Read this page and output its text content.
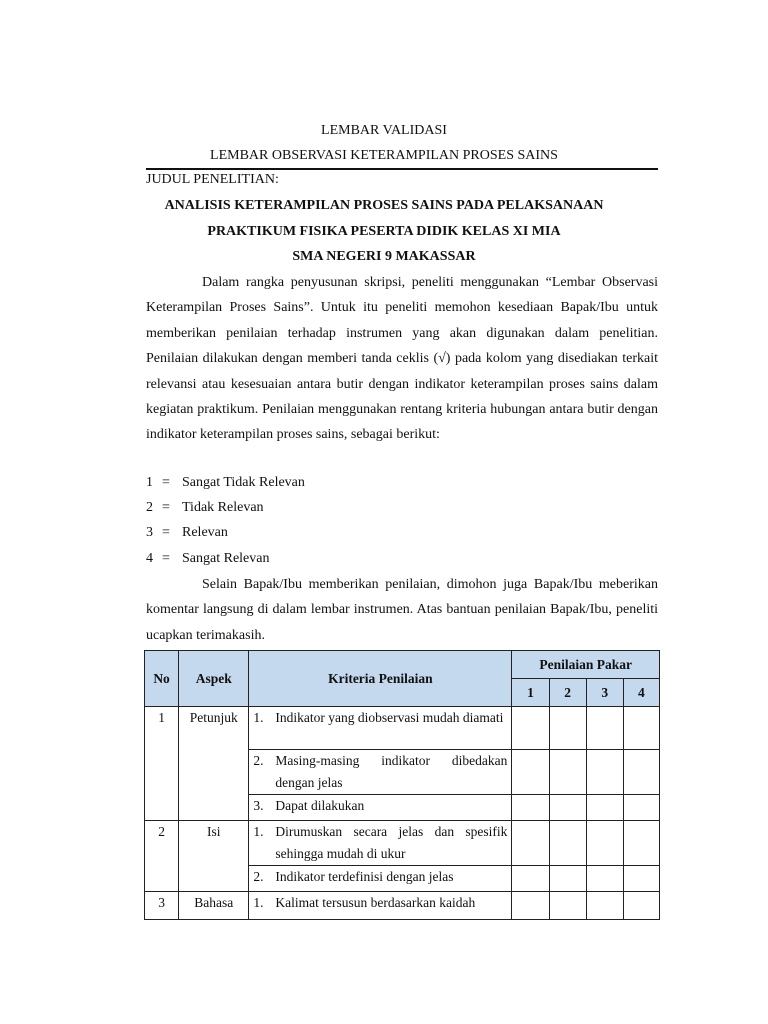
LEMBAR VALIDASI
LEMBAR OBSERVASI KETERAMPILAN PROSES SAINS
JUDUL PENELITIAN:
ANALISIS KETERAMPILAN PROSES SAINS PADA PELAKSANAAN
PRAKTIKUM FISIKA PESERTA DIDIK KELAS XI MIA
SMA NEGERI 9 MAKASSAR
Dalam rangka penyusunan skripsi, peneliti menggunakan “Lembar Observasi Keterampilan Proses Sains”. Untuk itu peneliti memohon kesediaan Bapak/Ibu untuk memberikan penilaian terhadap instrumen yang akan digunakan dalam penelitian. Penilaian dilakukan dengan memberi tanda ceklis (√) pada kolom yang disediakan terkait relevansi atau kesesuaian antara butir dengan indikator keterampilan proses sains dalam kegiatan praktikum. Penilaian menggunakan rentang kriteria hubungan antara butir dengan indikator keterampilan proses sains, sebagai berikut:
1 = Sangat Tidak Relevan
2 = Tidak Relevan
3 = Relevan
4 = Sangat Relevan
Selain Bapak/Ibu memberikan penilaian, dimohon juga Bapak/Ibu meberikan komentar langsung di dalam lembar instrumen. Atas bantuan penilaian Bapak/Ibu, peneliti ucapkan terimakasih.
No	Aspek	Kriteria Penilaian	Penilaian Pakar			
			1	2	3	4
1	Petunjuk	1. Indikator yang diobservasi mudah diamati				

		2. Masing-masing indikator dibedakan dengan jelas				

		3. Dapat dilakukan				

2	Isi	1. Dirumuskan secara jelas dan spesifik sehingga mudah di ukur				

		2. Indikator terdefinisi dengan jelas				

3	Bahasa	1. Kalimat tersusun berdasarkan kaidah				
